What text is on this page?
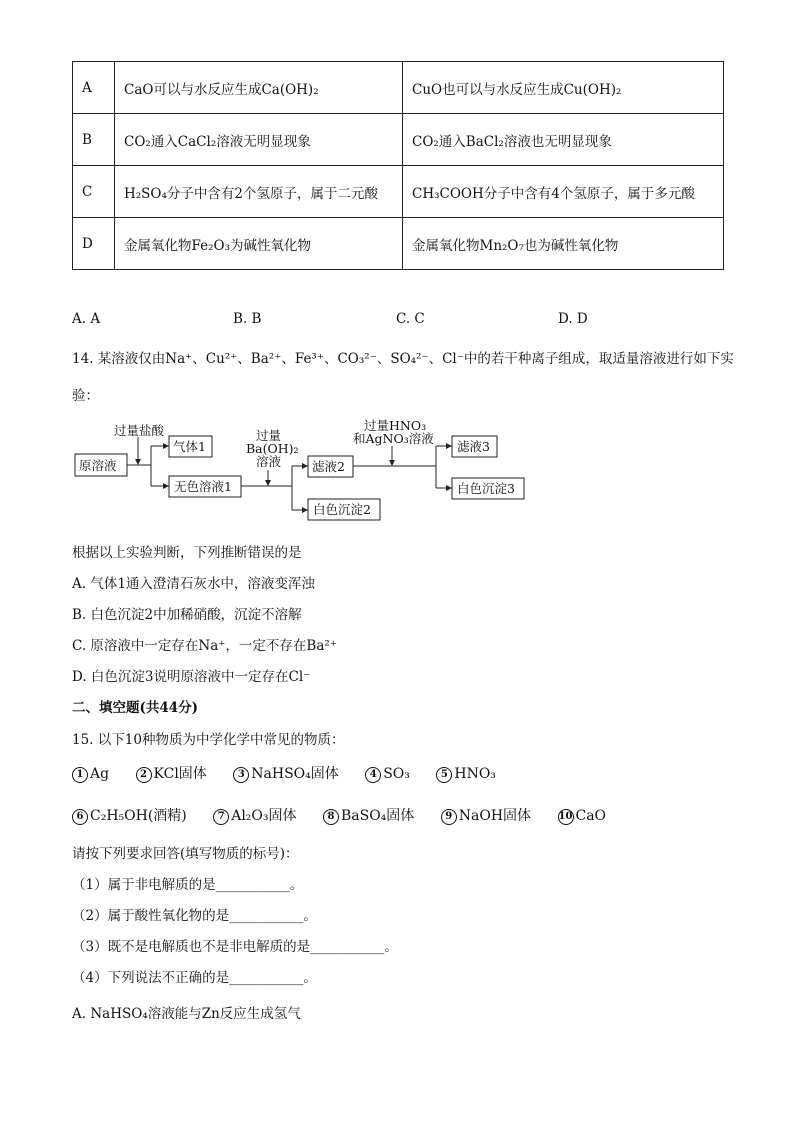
A	CaO可以与水反应生成Ca(OH)₂	CuO也可以与水反应生成Cu(OH)₂
B	CO₂通入CaCl₂溶液无明显现象	CO₂通入BaCl₂溶液也无明显现象
C	H₂SO₄分子中含有2个氢原子，属于二元酸	CH₃COOH分子中含有4个氢原子，属于多元酸
D	金属氧化物Fe₂O₃为碱性氧化物	金属氧化物Mn₂O₇也为碱性氧化物
A. A	B. B	C. C	D. D
14. 某溶液仅由Na⁺、Cu²⁺、Ba²⁺、Fe³⁺、CO₃²⁻、SO₄²⁻、Cl⁻中的若干种离子组成，取适量溶液进行如下实
验：
原溶液
过量盐酸
气体1
无色溶液1
过量
Ba(OH)₂
溶液 滤液2
白色沉淀2
过量HNO₃
和AgNO₃溶液
滤液3
白色沉淀3
根据以上实验判断，下列推断错误的是
A. 气体1通入澄清石灰水中，溶液变浑浊
B. 白色沉淀2中加稀硝酸，沉淀不溶解
C. 原溶液中一定存在Na⁺，一定不存在Ba²⁺
D. 白色沉淀3说明原溶液中一定存在Cl⁻
二、填空题(共44分)
15. 以下10种物质为中学化学中常见的物质：
1 Ag	2 KCl固体	3 NaHSO₄固体	4 SO₃	5 HNO₃
6 C₂H₅OH(酒精)	7 Al₂O₃固体	8 BaSO₄固体	9 NaOH固体	10 CaO
请按下列要求回答(填写物质的标号)：
（1）属于非电解质的是___________。
（2）属于酸性氧化物的是___________。
（3）既不是电解质也不是非电解质的是___________。
（4）下列说法不正确的是___________。
A. NaHSO₄溶液能与Zn反应生成氢气
